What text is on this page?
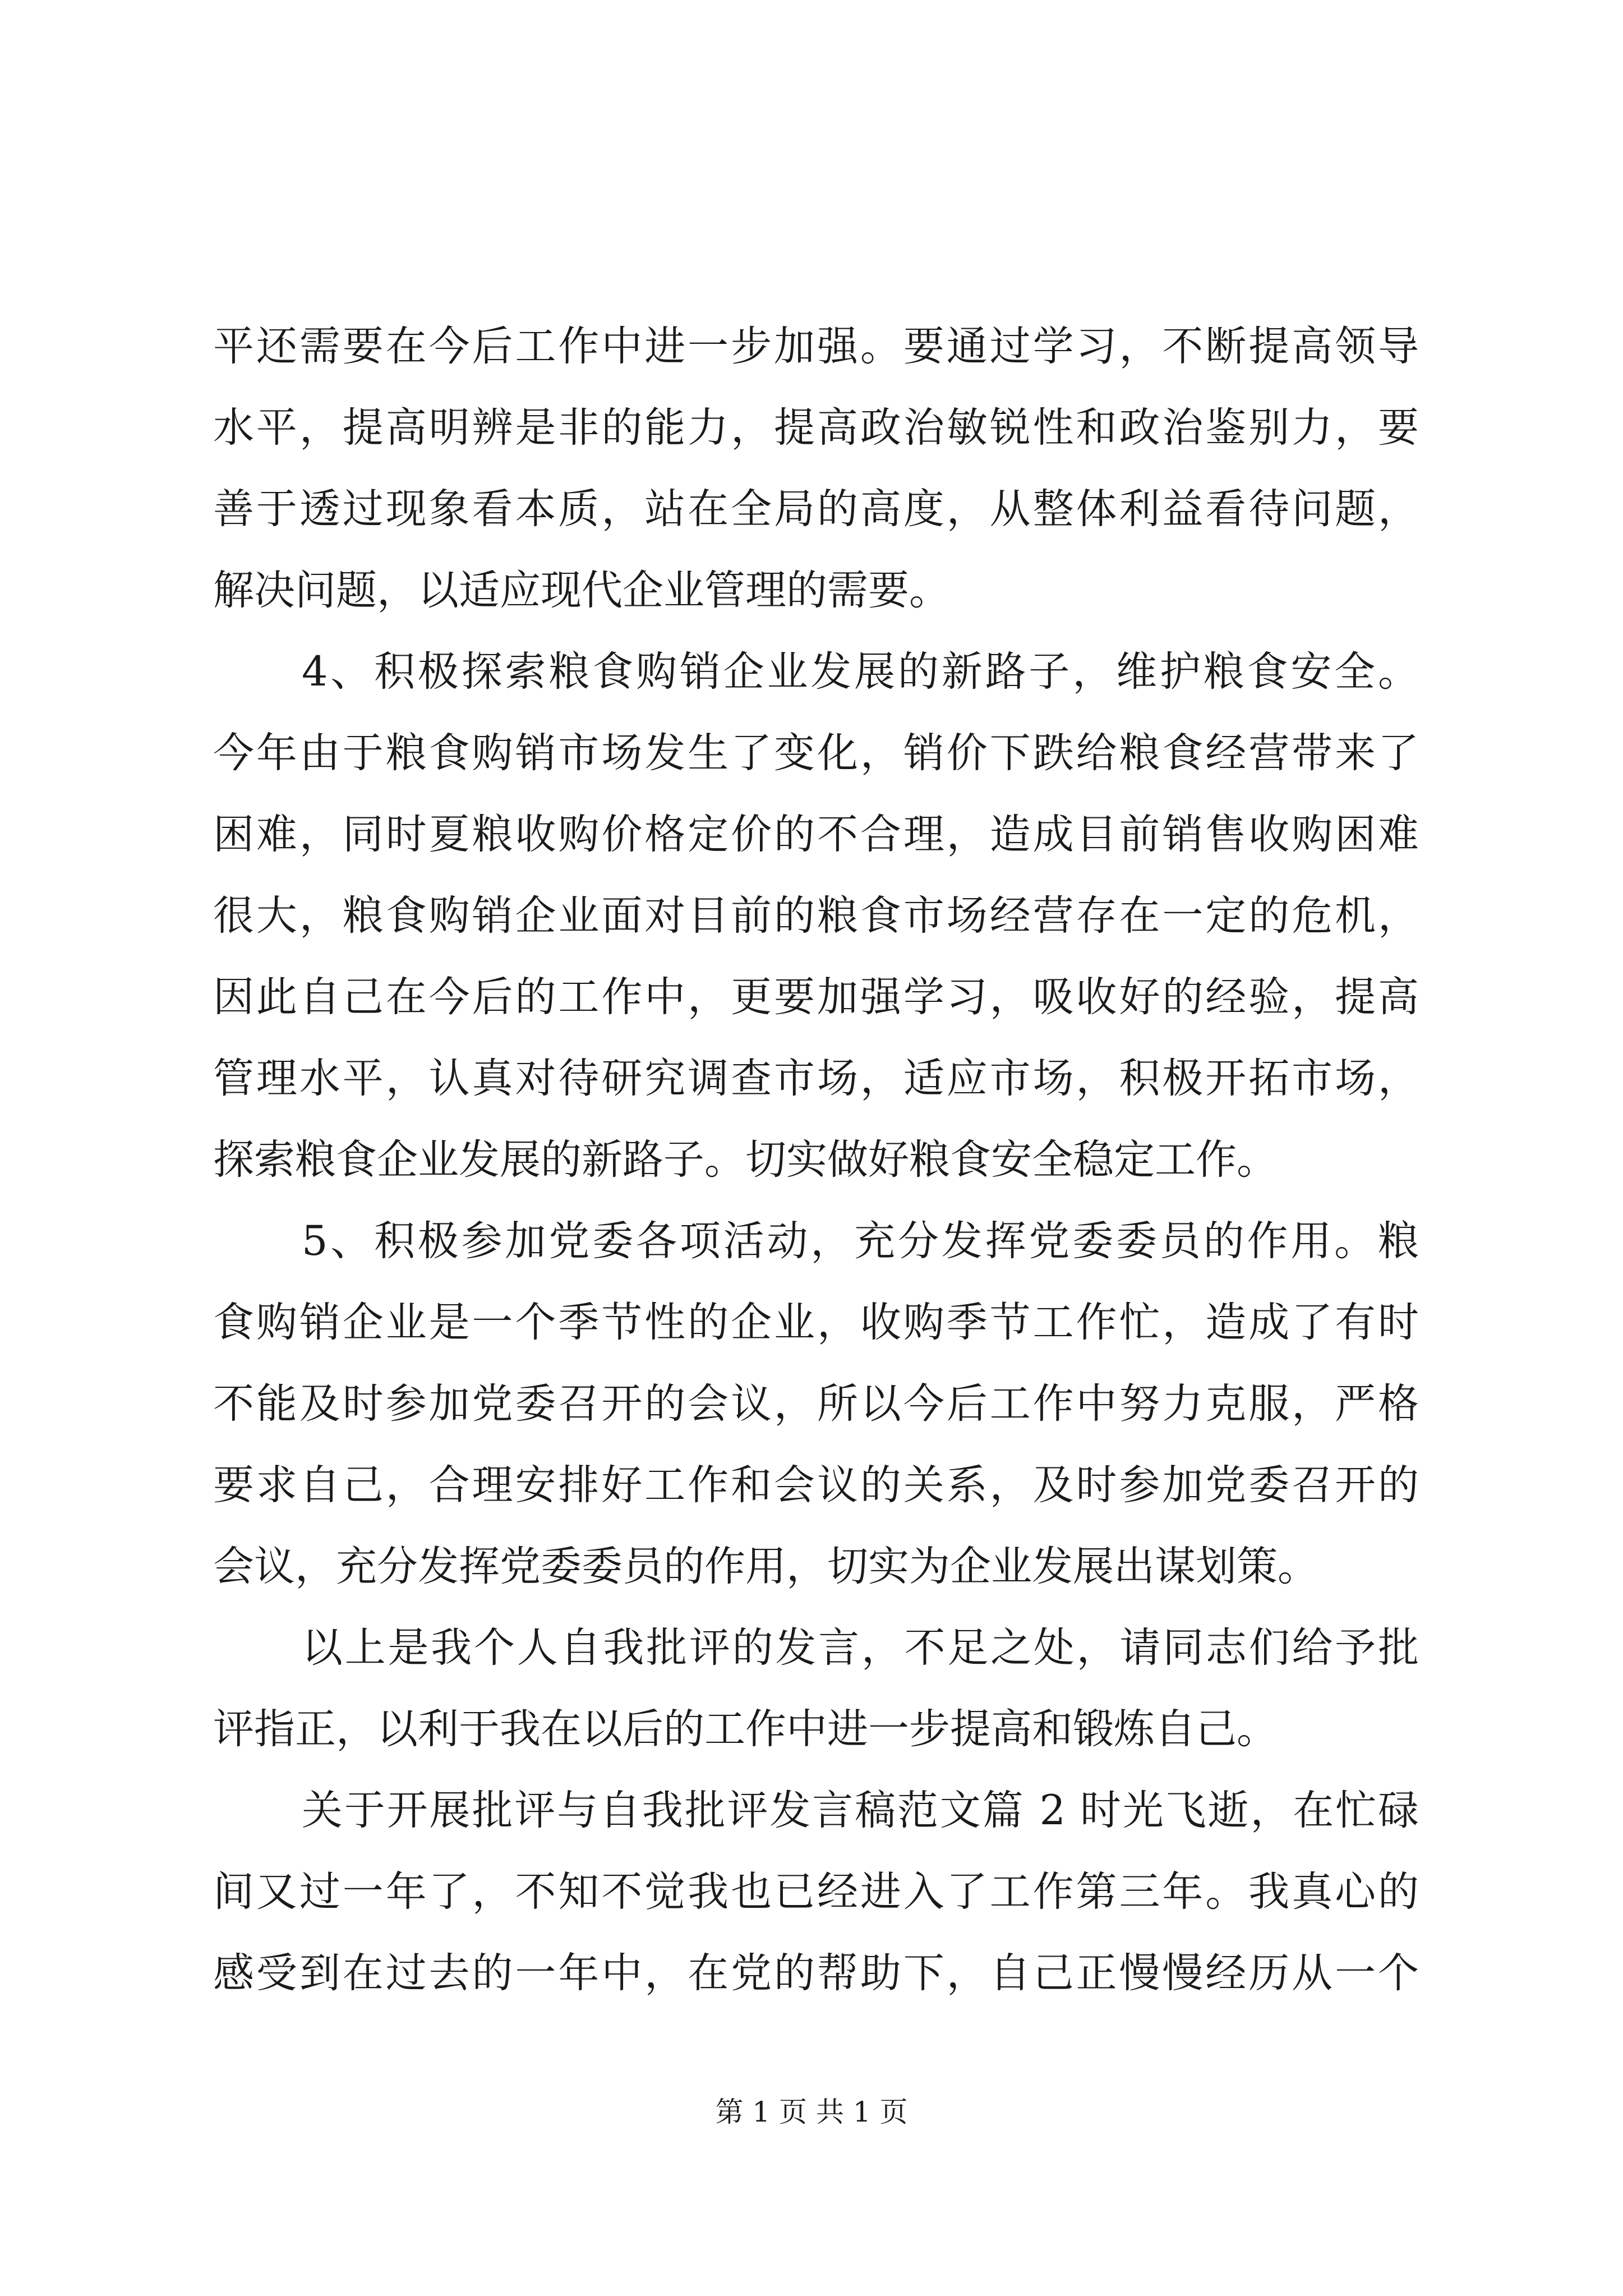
平还需要在今后工作中进一步加强。要通过学习，不断提高领导
水平，提高明辨是非的能力，提高政治敏锐性和政治鉴别力，要
善于透过现象看本质，站在全局的高度，从整体利益看待问题，
解决问题，以适应现代企业管理的需要。
4、积极探索粮食购销企业发展的新路子，维护粮食安全。
今年由于粮食购销市场发生了变化，销价下跌给粮食经营带来了
困难，同时夏粮收购价格定价的不合理，造成目前销售收购困难
很大，粮食购销企业面对目前的粮食市场经营存在一定的危机，
因此自己在今后的工作中，更要加强学习，吸收好的经验，提高
管理水平，认真对待研究调查市场，适应市场，积极开拓市场，
探索粮食企业发展的新路子。切实做好粮食安全稳定工作。
5、积极参加党委各项活动，充分发挥党委委员的作用。粮
食购销企业是一个季节性的企业，收购季节工作忙，造成了有时
不能及时参加党委召开的会议，所以今后工作中努力克服，严格
要求自己，合理安排好工作和会议的关系，及时参加党委召开的
会议，充分发挥党委委员的作用，切实为企业发展出谋划策。
以上是我个人自我批评的发言，不足之处，请同志们给予批
评指正，以利于我在以后的工作中进一步提高和锻炼自己。
关于开展批评与自我批评发言稿范文篇 2 时光飞逝，在忙碌
间又过一年了，不知不觉我也已经进入了工作第三年。我真心的
感受到在过去的一年中，在党的帮助下，自己正慢慢经历从一个
第 1 页 共 1 页
